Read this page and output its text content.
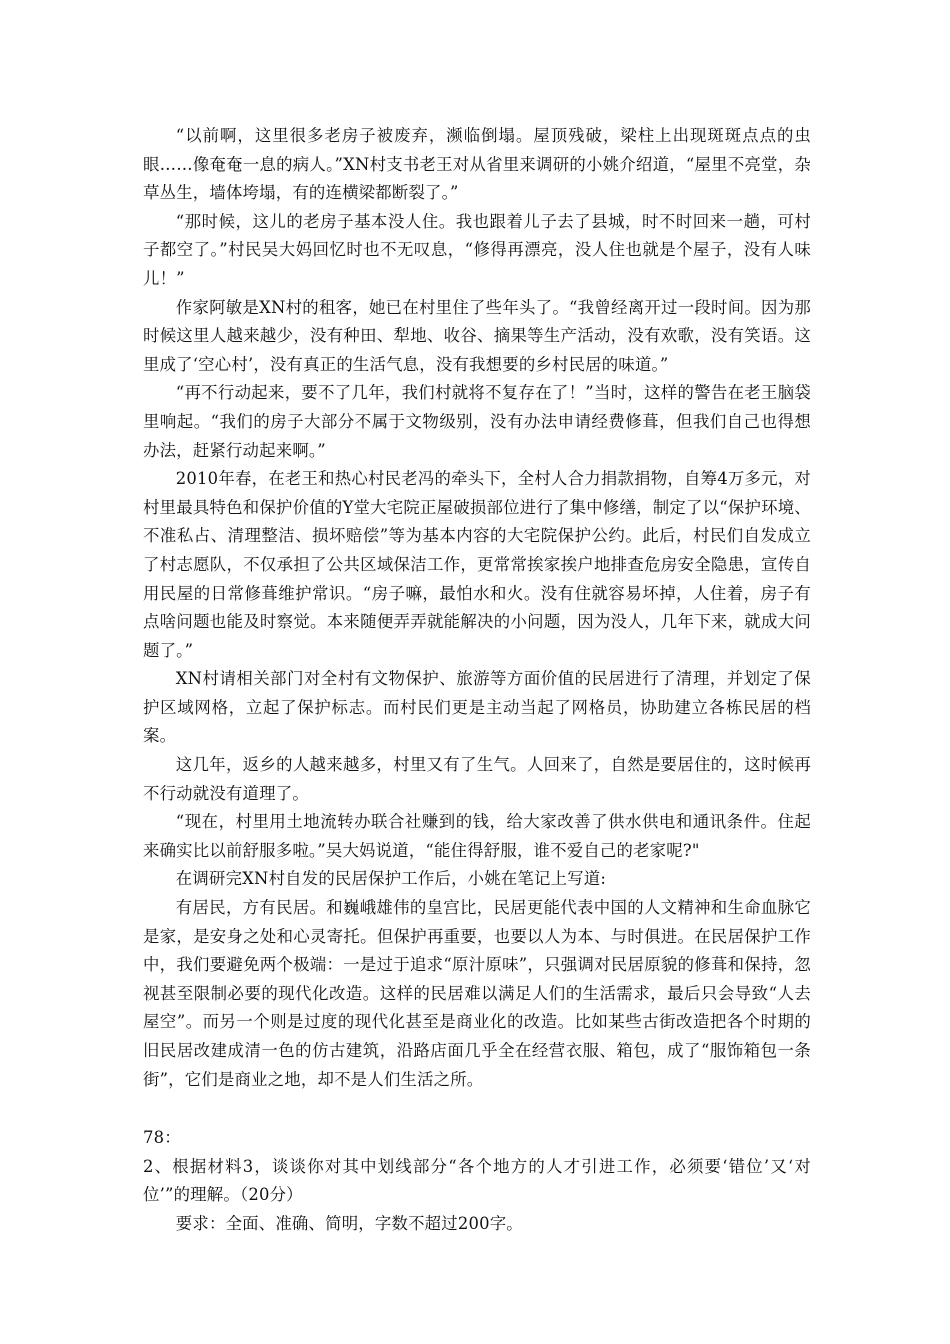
“以前啊，这里很多老房子被废弃，濒临倒塌。屋顶残破，梁柱上出现斑斑点点的虫眼……像奄奄一息的病人。”XN村支书老王对从省里来调研的小姚介绍道，“屋里不亮堂，杂草丛生，墙体垮塌，有的连横梁都断裂了。”

“那时候，这儿的老房子基本没人住。我也跟着儿子去了县城，时不时回来一趟，可村子都空了。”村民吴大妈回忆时也不无叹息，“修得再漂亮，没人住也就是个屋子，没有人味儿！”

作家阿敏是XN村的租客，她已在村里住了些年头了。“我曾经离开过一段时间。因为那时候这里人越来越少，没有种田、犁地、收谷、摘果等生产活动，没有欢歌，没有笑语。这里成了‘空心村’，没有真正的生活气息，没有我想要的乡村民居的味道。”

“再不行动起来，要不了几年，我们村就将不复存在了！”当时，这样的警告在老王脑袋里响起。“我们的房子大部分不属于文物级别，没有办法申请经费修葺，但我们自己也得想办法，赶紧行动起来啊。”

2010年春，在老王和热心村民老冯的牵头下，全村人合力捐款捐物，自筹4万多元，对村里最具特色和保护价值的Y堂大宅院正屋破损部位进行了集中修缮，制定了以“保护环境、不准私占、清理整洁、损坏赔偿”等为基本内容的大宅院保护公约。此后，村民们自发成立了村志愿队，不仅承担了公共区域保洁工作，更常常挨家挨户地排查危房安全隐患，宣传自用民屋的日常修葺维护常识。“房子嘛，最怕水和火。没有住就容易坏掉，人住着，房子有点啥问题也能及时察觉。本来随便弄弄就能解决的小问题，因为没人，几年下来，就成大问题了。”

XN村请相关部门对全村有文物保护、旅游等方面价值的民居进行了清理，并划定了保护区域网格，立起了保护标志。而村民们更是主动当起了网格员，协助建立各栋民居的档案。

这几年，返乡的人越来越多，村里又有了生气。人回来了，自然是要居住的，这时候再不行动就没有道理了。

“现在，村里用土地流转办联合社赚到的钱，给大家改善了供水供电和通讯条件。住起来确实比以前舒服多啦。”吴大妈说道，“能住得舒服，谁不爱自己的老家呢?"

在调研完XN村自发的民居保护工作后，小姚在笔记上写道:

有居民，方有民居。和巍峨雄伟的皇宫比，民居更能代表中国的人文精神和生命血脉它是家，是安身之处和心灵寄托。但保护再重要，也要以人为本、与时俱进。在民居保护工作中，我们要避免两个极端：一是过于追求“原汁原味”，只强调对民居原貌的修葺和保持，忽视甚至限制必要的现代化改造。这样的民居难以满足人们的生活需求，最后只会导致“人去屋空”。而另一个则是过度的现代化甚至是商业化的改造。比如某些古街改造把各个时期的旧民居改建成清一色的仿古建筑，沿路店面几乎全在经营衣服、箱包，成了“服饰箱包一条街”，它们是商业之地，却不是人们生活之所。

78：

2、根据材料3，谈谈你对其中划线部分“各个地方的人才引进工作，必须要‘错位’又‘对位’”的理解。（20分）

要求：全面、准确、简明，字数不超过200字。
